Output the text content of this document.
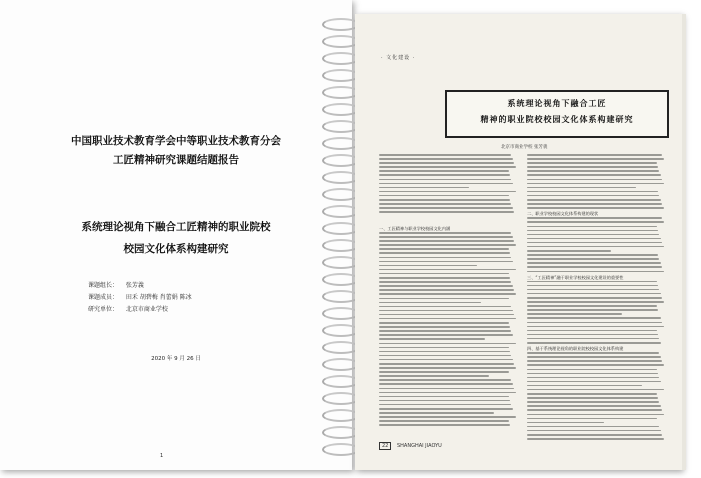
中国职业技术教育学会中等职业技术教育分会
工匠精神研究课题结题报告
系统理论视角下融合工匠精神的职业院校
校园文化体系构建研究
课题组长： 张芳義
课题成员： 田禾 胡碧梅 肖蕾娟 陈冰
研究单位： 北京市商业学校
2020 年 9 月 26 日
1
· 文化建设 ·
系统理论视角下融合工匠
精神的职业院校校园文化体系构建研究
北京市商业学校 张芳義
一、工匠精神与职业学校校园文化内涵
二、职业学校校园文化体系构建的现状
三、“工匠精神”融于职业学校校园文化建设的重要性
四、基于系统理论视角的职业院校校园文化体系构建
22 SHANGHAI JIAOYU
